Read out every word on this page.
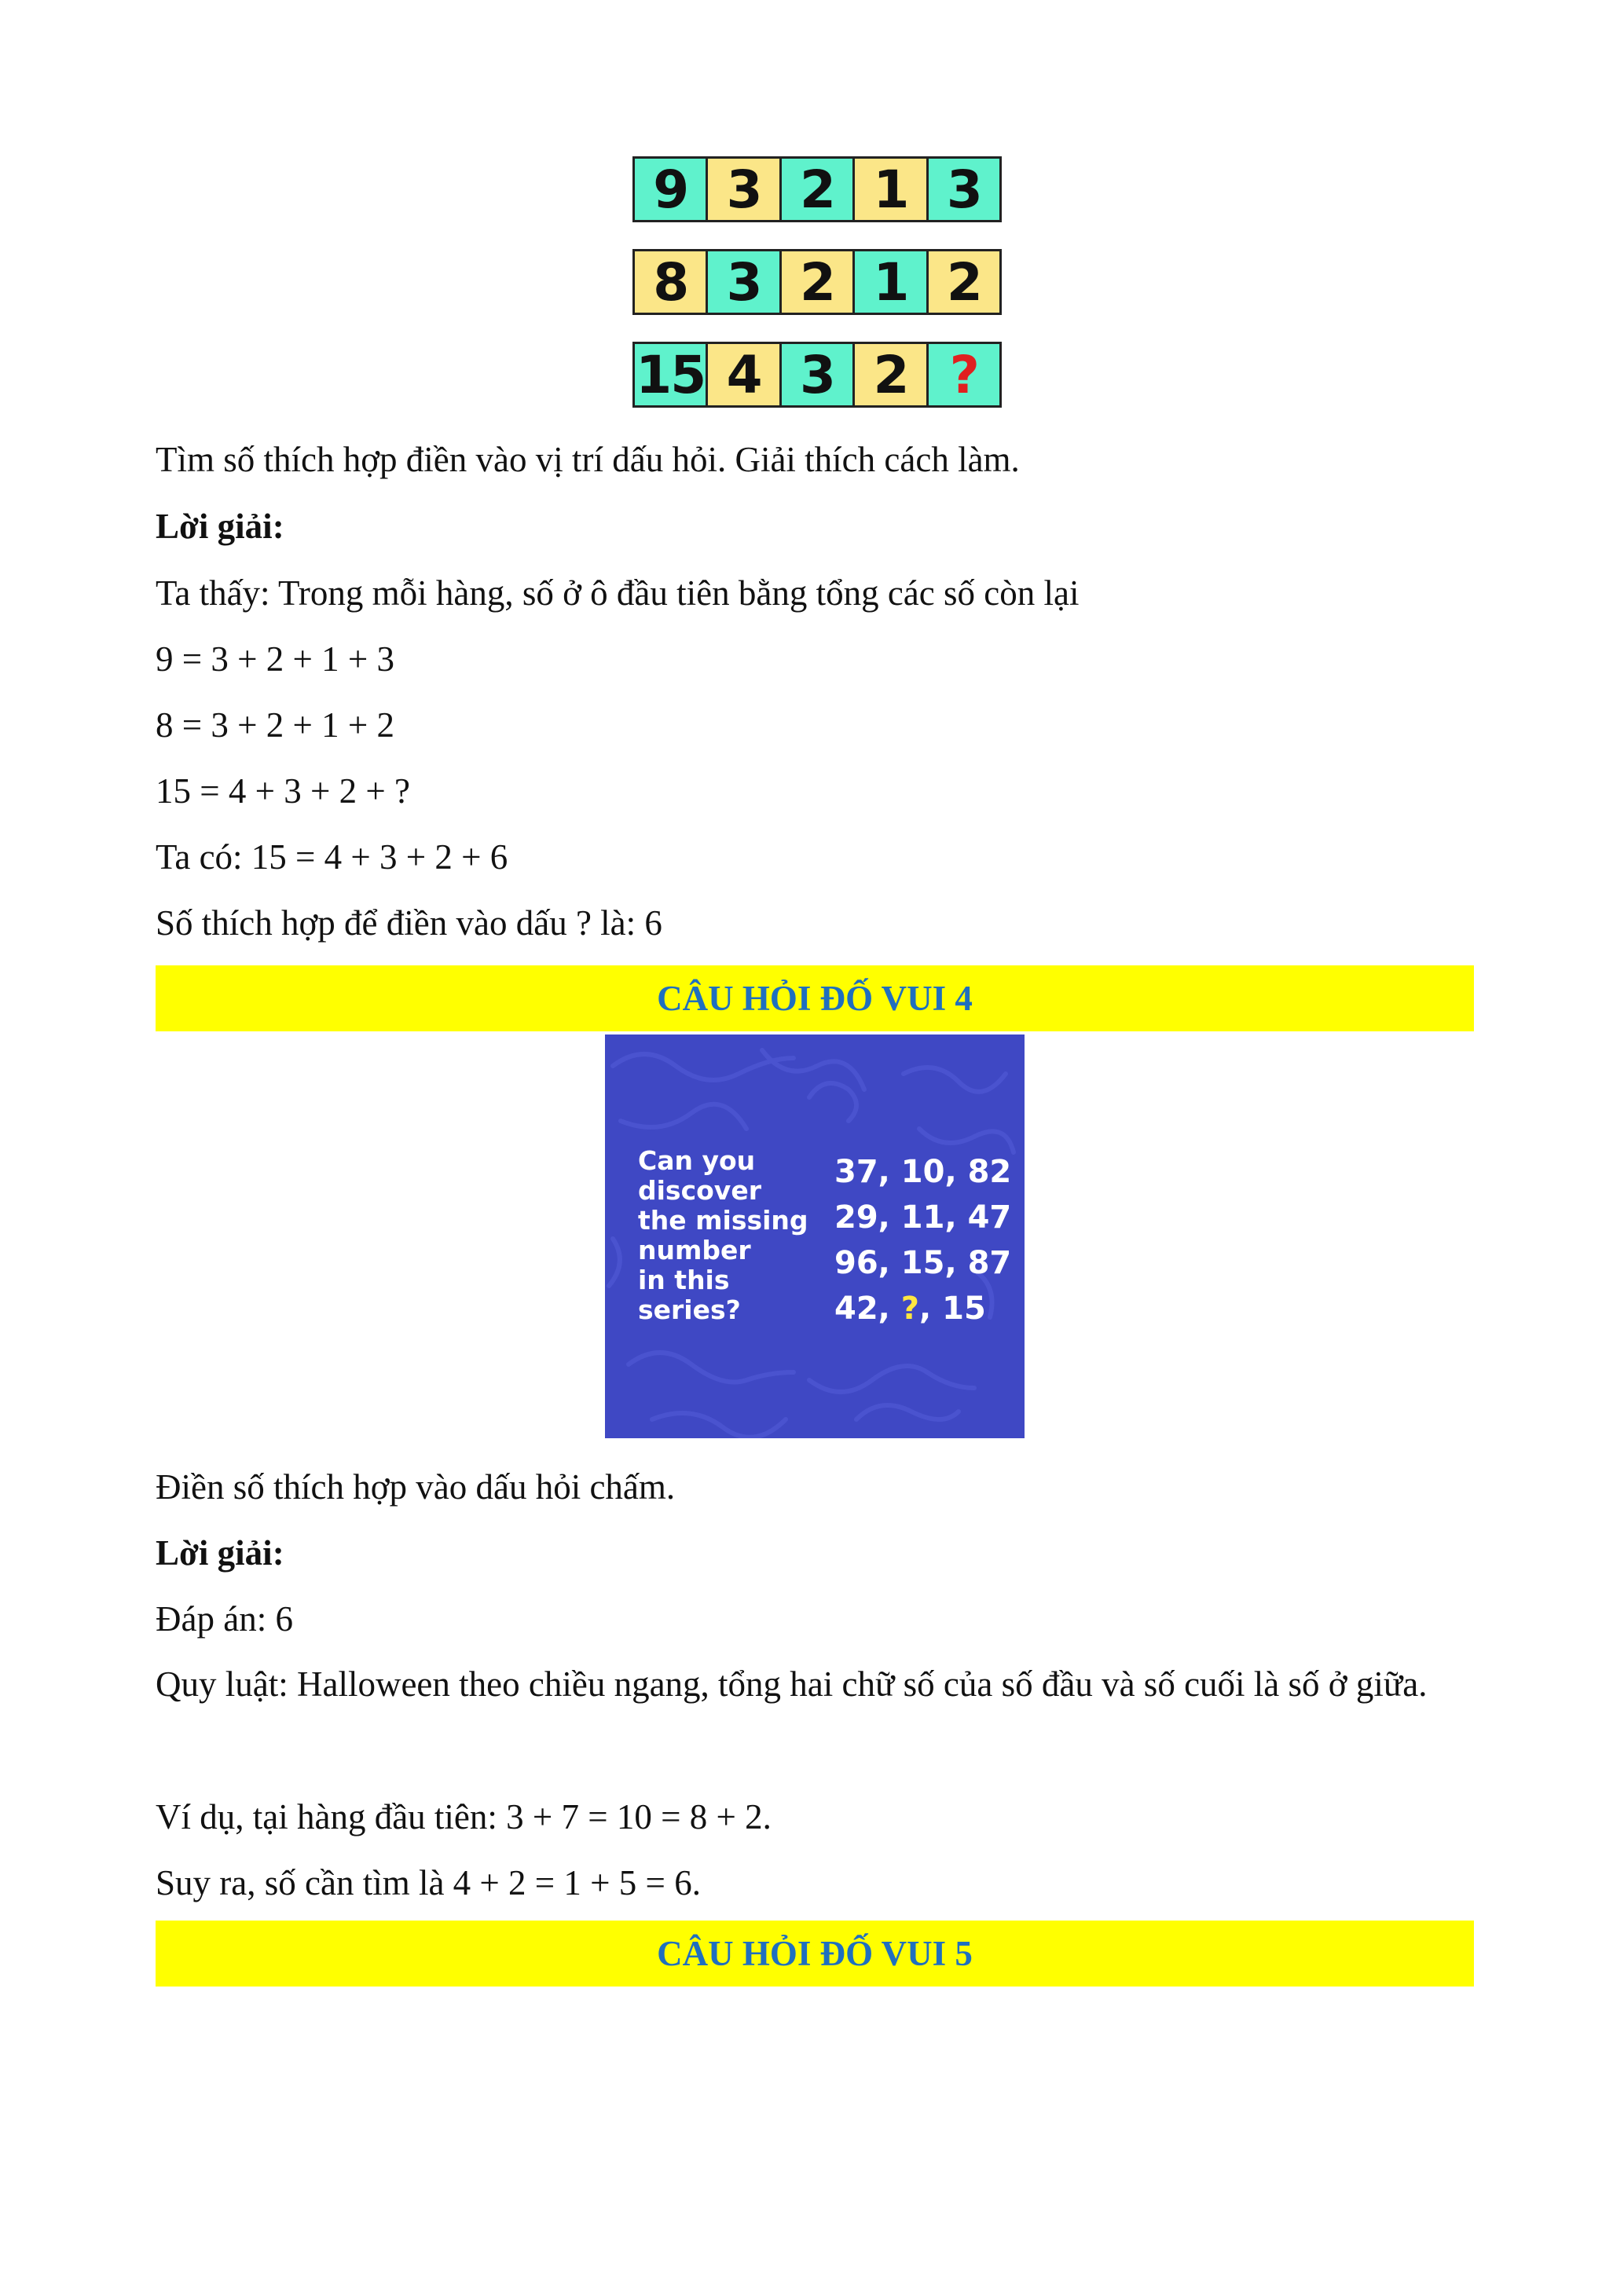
9 3 2 1 3
8 3 2 1 2
15 4 3 2 ?

Tìm số thích hợp điền vào vị trí dấu hỏi. Giải thích cách làm.

Lời giải:

Ta thấy: Trong mỗi hàng, số ở ô đầu tiên bằng tổng các số còn lại

9 = 3 + 2 + 1 + 3

8 = 3 + 2 + 1 + 2

15 = 4 + 3 + 2 + ?

Ta có: 15 = 4 + 3 + 2 + 6

Số thích hợp để điền vào dấu ? là: 6

CÂU HỎI ĐỐ VUI 4
Can you
discover
the missing
number
in this
series?
37, 10, 82
29, 11, 47
96, 15, 87
42, ?, 15

Điền số thích hợp vào dấu hỏi chấm.

Lời giải:

Đáp án: 6

Quy luật: Halloween theo chiều ngang, tổng hai chữ số của số đầu và số cuối là số ở giữa.

Ví dụ, tại hàng đầu tiên: 3 + 7 = 10 = 8 + 2.

Suy ra, số cần tìm là 4 + 2 = 1 + 5 = 6.

CÂU HỎI ĐỐ VUI 5
